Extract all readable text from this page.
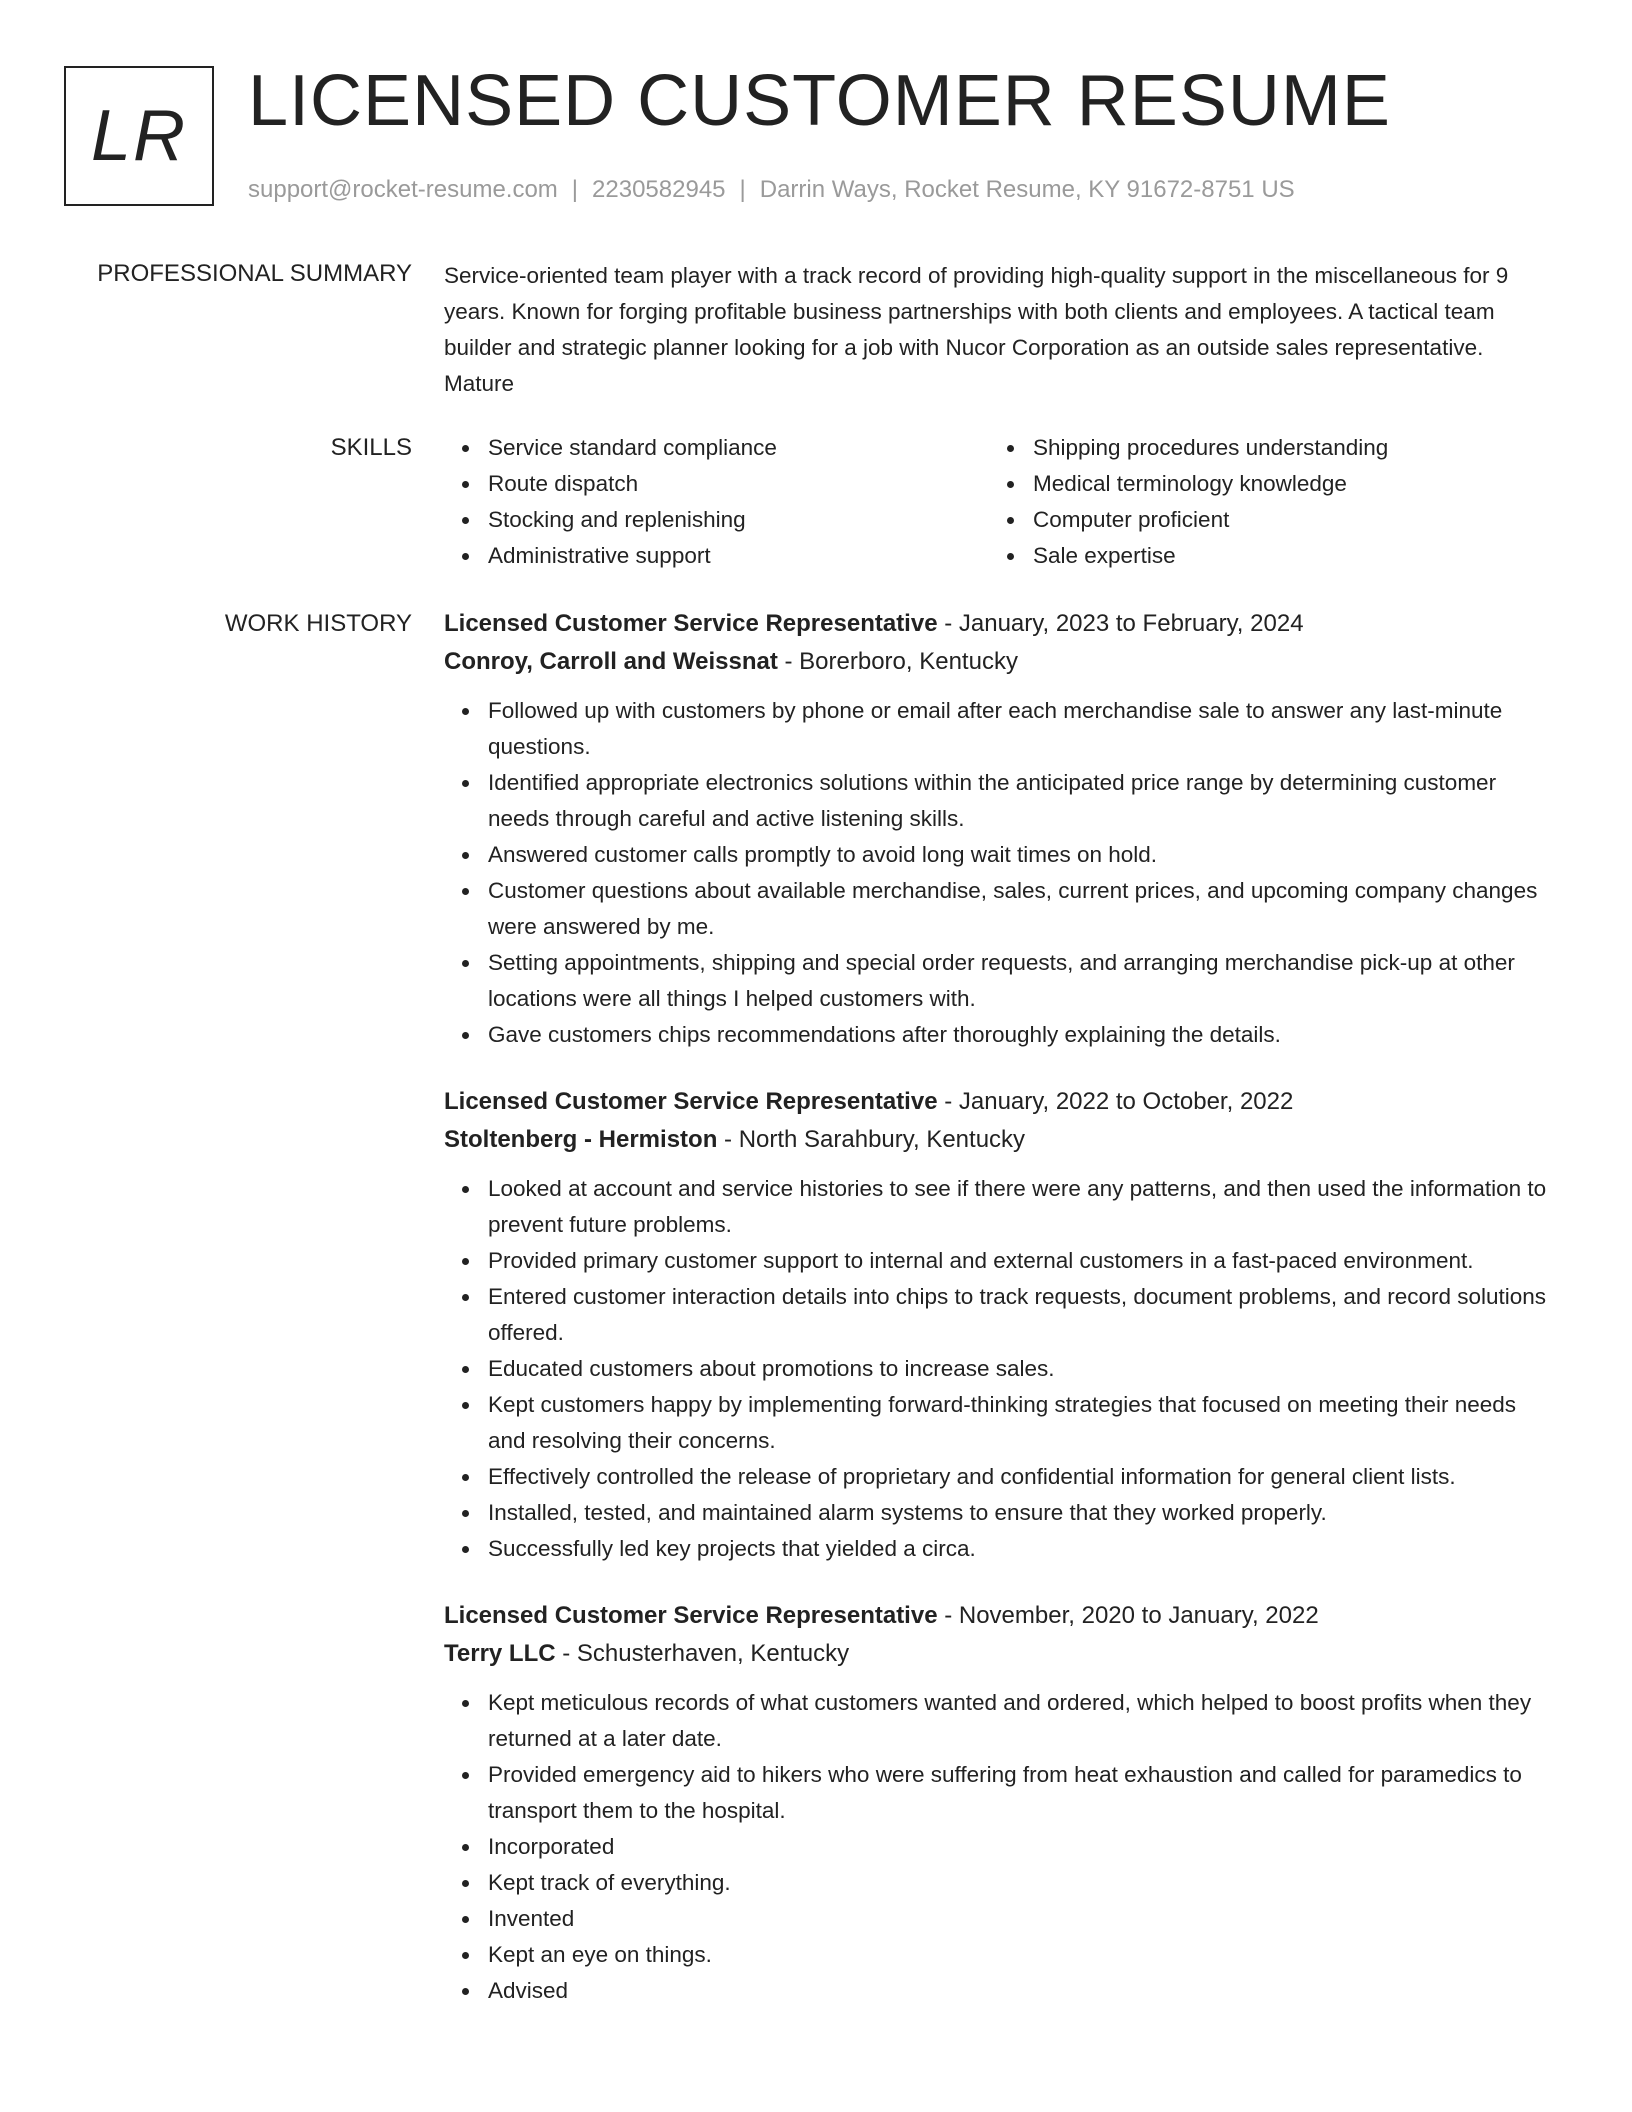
LR LICENSED CUSTOMER RESUME
support@rocket-resume.com | 2230582945 | Darrin Ways, Rocket Resume, KY 91672-8751 US
PROFESSIONAL SUMMARY Service-oriented team player with a track record of providing high-quality support in the miscellaneous for 9 years. Known for forging profitable business partnerships with both clients and employees. A tactical team builder and strategic planner looking for a job with Nucor Corporation as an outside sales representative. Mature

SKILLS	Service standard compliance
Route dispatch
Stocking and replenishing
Administrative support
Shipping procedures understanding
Medical terminology knowledge
Computer proficient
Sale expertise
WORK HISTORY Licensed Customer Service Representative - January, 2023 to February, 2024
Conroy, Carroll and Weissnat - Borerboro, Kentucky
Followed up with customers by phone or email after each merchandise sale to answer any last-minute questions.
Identified appropriate electronics solutions within the anticipated price range by determining customer needs through careful and active listening skills.
Answered customer calls promptly to avoid long wait times on hold.
Customer questions about available merchandise, sales, current prices, and upcoming company changes were answered by me.
Setting appointments, shipping and special order requests, and arranging merchandise pick-up at other locations were all things I helped customers with.
Gave customers chips recommendations after thoroughly explaining the details.
Licensed Customer Service Representative - January, 2022 to October, 2022
Stoltenberg - Hermiston - North Sarahbury, Kentucky
Looked at account and service histories to see if there were any patterns, and then used the information to prevent future problems.
Provided primary customer support to internal and external customers in a fast-paced environment.
Entered customer interaction details into chips to track requests, document problems, and record solutions offered.
Educated customers about promotions to increase sales.
Kept customers happy by implementing forward-thinking strategies that focused on meeting their needs and resolving their concerns.
Effectively controlled the release of proprietary and confidential information for general client lists.
Installed, tested, and maintained alarm systems to ensure that they worked properly.
Successfully led key projects that yielded a circa.
Licensed Customer Service Representative - November, 2020 to January, 2022
Terry LLC - Schusterhaven, Kentucky
Kept meticulous records of what customers wanted and ordered, which helped to boost profits when they returned at a later date.
Provided emergency aid to hikers who were suffering from heat exhaustion and called for paramedics to transport them to the hospital.
Incorporated
Kept track of everything.
Invented
Kept an eye on things.
Advised
